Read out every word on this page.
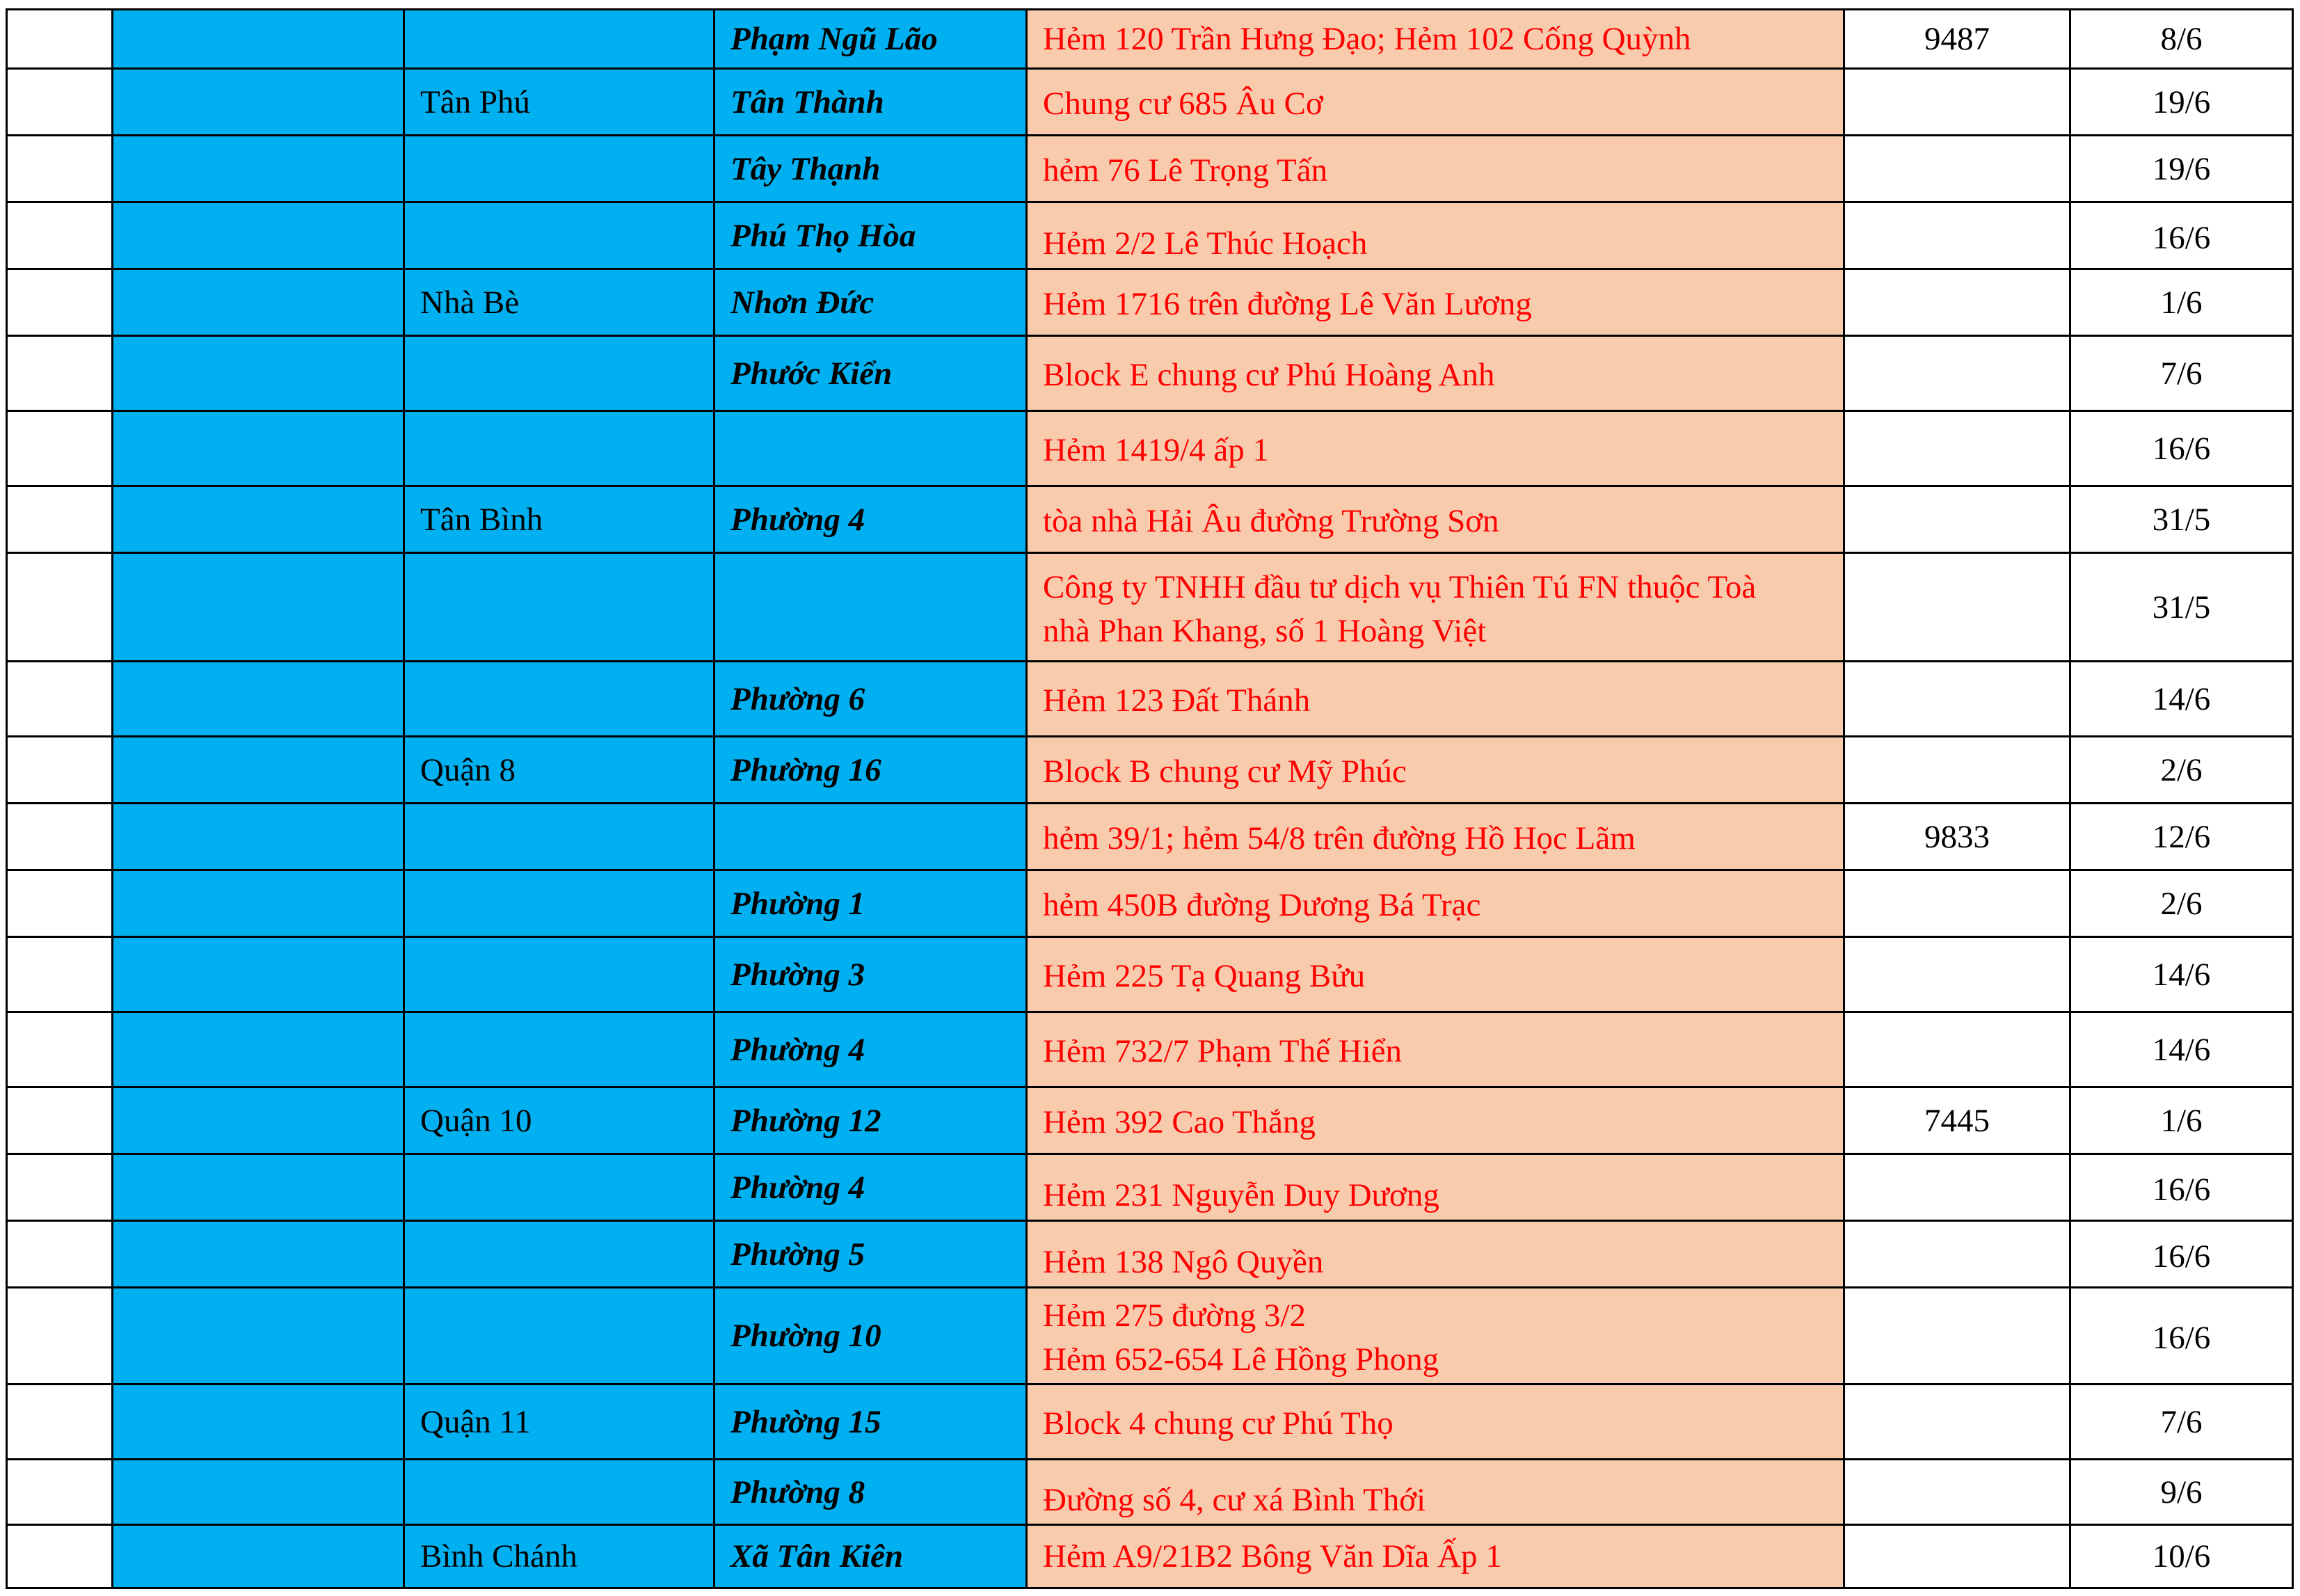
			Phạm Ngũ Lão	Hẻm 120 Trần Hưng Đạo; Hẻm 102 Cống Quỳnh	9487	8/6
		Tân Phú	Tân Thành	Chung cư 685 Âu Cơ		19/6
			Tây Thạnh	hẻm 76 Lê Trọng Tấn		19/6
			Phú Thọ Hòa	Hẻm 2/2 Lê Thúc Hoạch		16/6
		Nhà Bè	Nhơn Đức	Hẻm 1716 trên đường Lê Văn Lương		1/6
			Phước Kiển	Block E chung cư Phú Hoàng Anh		7/6

				Hẻm 1419/4 ấp 1		16/6
		Tân Bình	Phường 4	tòa nhà Hải Âu đường Trường Sơn		31/5

				Công ty TNHH đầu tư dịch vụ Thiên Tú FN thuộc Toà
nhà Phan Khang, số 1 Hoàng Việt		31/5
			Phường 6	Hẻm 123 Đất Thánh		14/6
		Quận 8	Phường 16	Block B chung cư Mỹ Phúc		2/6

				hẻm 39/1; hẻm 54/8 trên đường Hồ Học Lãm	9833	12/6
			Phường 1	hẻm 450B đường Dương Bá Trạc		2/6
			Phường 3	Hẻm 225 Tạ Quang Bửu		14/6
			Phường 4	Hẻm 732/7 Phạm Thế Hiển		14/6
		Quận 10	Phường 12	Hẻm 392 Cao Thắng	7445	1/6
			Phường 4	Hẻm 231 Nguyễn Duy Dương		16/6
			Phường 5	Hẻm 138 Ngô Quyền		16/6
			Phường 10	Hẻm 275 đường 3/2
Hẻm 652-654 Lê Hồng Phong		16/6
		Quận 11	Phường 15	Block 4 chung cư Phú Thọ		7/6
			Phường 8	Đường số 4, cư xá Bình Thới		9/6
		Bình Chánh	Xã Tân Kiên	Hẻm A9/21B2 Bông Văn Dĩa Ấp 1		10/6
